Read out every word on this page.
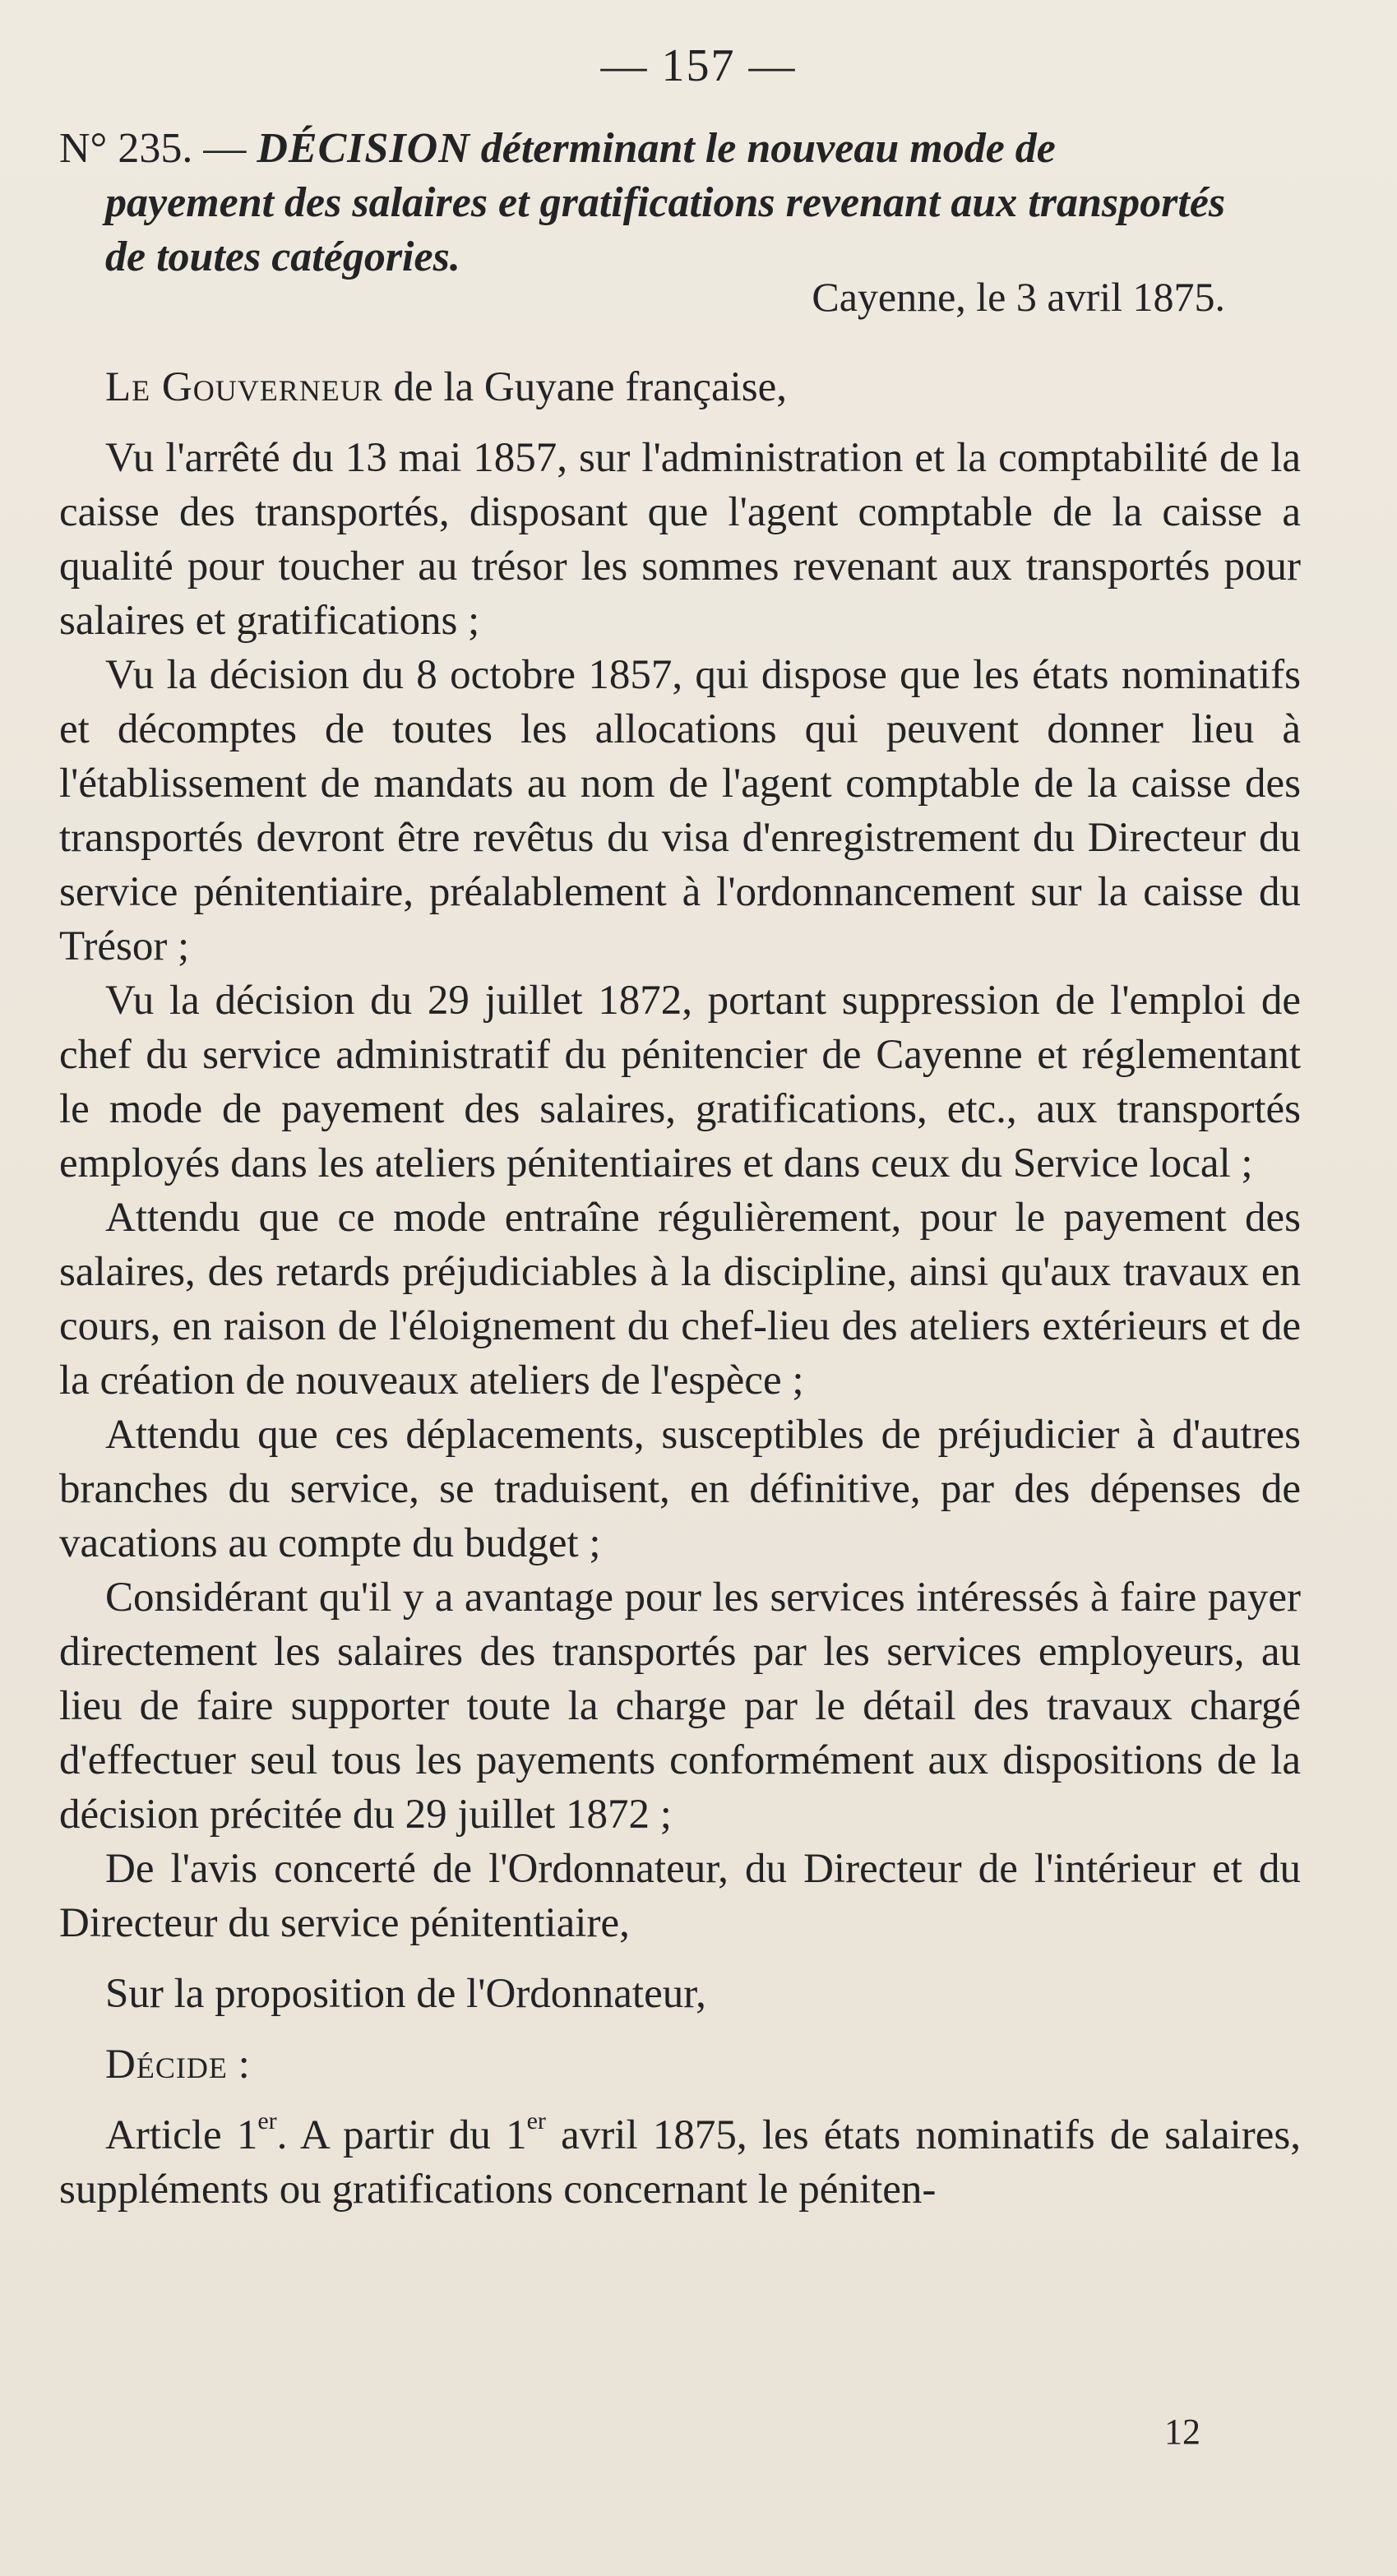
— 157 —
N° 235. — DÉCISION déterminant le nouveau mode de
payement des salaires et gratifications revenant aux transportés
de toutes catégories.
Cayenne, le 3 avril 1875.

Le Gouverneur de la Guyane française,

Vu l'arrêté du 13 mai 1857, sur l'administration et la comptabilité de la caisse des transportés, disposant que l'agent comptable de la caisse a qualité pour toucher au trésor les sommes revenant aux transportés pour salaires et gratifications ;

Vu la décision du 8 octobre 1857, qui dispose que les états nominatifs et décomptes de toutes les allocations qui peuvent donner lieu à l'établissement de mandats au nom de l'agent comptable de la caisse des transportés devront être revêtus du visa d'enregistrement du Directeur du service pénitentiaire, préalablement à l'ordonnancement sur la caisse du Trésor ;

Vu la décision du 29 juillet 1872, portant suppression de l'emploi de chef du service administratif du pénitencier de Cayenne et réglementant le mode de payement des salaires, gratifications, etc., aux transportés employés dans les ateliers pénitentiaires et dans ceux du Service local ;

Attendu que ce mode entraîne régulièrement, pour le payement des salaires, des retards préjudiciables à la discipline, ainsi qu'aux travaux en cours, en raison de l'éloignement du chef-lieu des ateliers extérieurs et de la création de nouveaux ateliers de l'espèce ;

Attendu que ces déplacements, susceptibles de préjudicier à d'autres branches du service, se traduisent, en définitive, par des dépenses de vacations au compte du budget ;

Considérant qu'il y a avantage pour les services intéressés à faire payer directement les salaires des transportés par les services employeurs, au lieu de faire supporter toute la charge par le détail des travaux chargé d'effectuer seul tous les payements conformément aux dispositions de la décision précitée du 29 juillet 1872 ;

De l'avis concerté de l'Ordonnateur, du Directeur de l'intérieur et du Directeur du service pénitentiaire,

Sur la proposition de l'Ordonnateur,

Décide :

Article 1er. A partir du 1er avril 1875, les états nominatifs de salaires, suppléments ou gratifications concernant le péniten-

12
